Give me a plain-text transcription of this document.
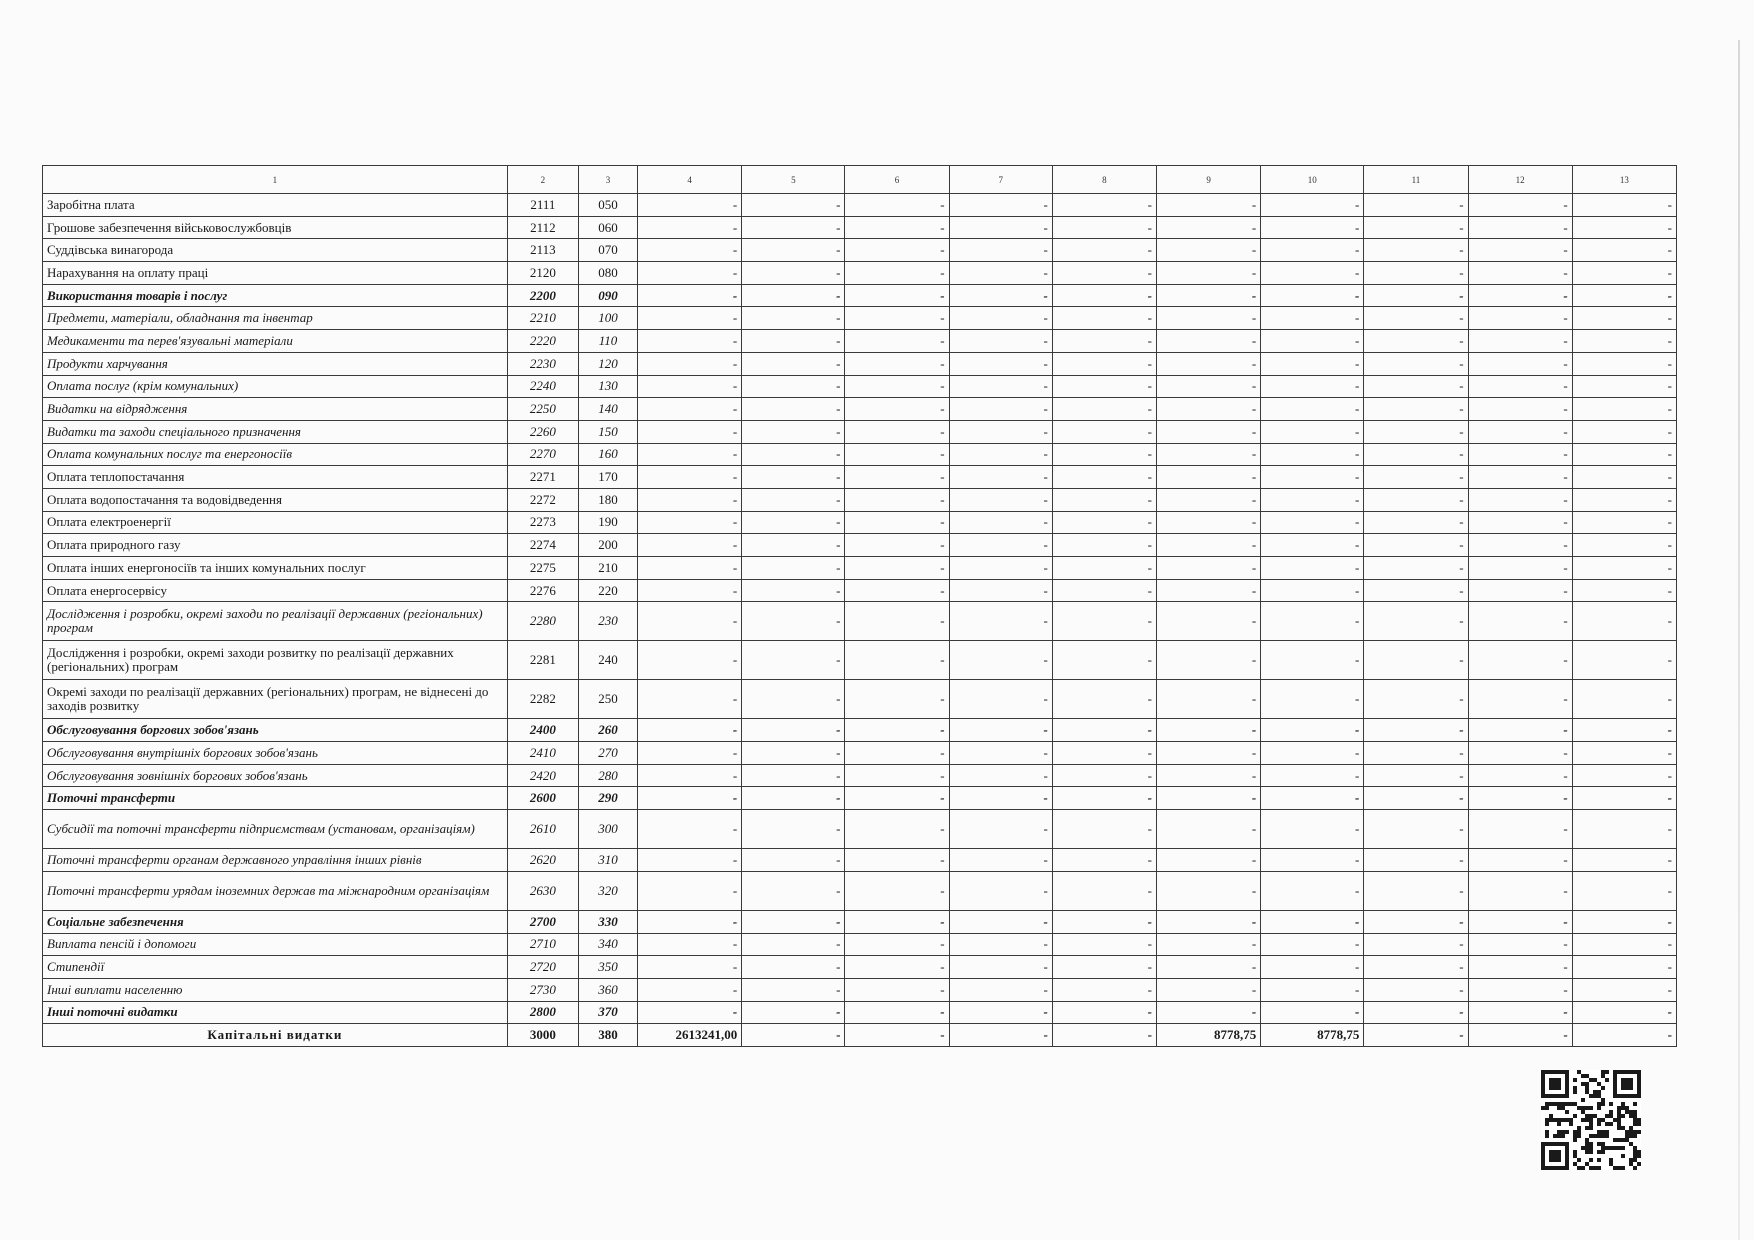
1	2	3	4	5	6	7	8	9	10	11	12	13
Заробітна плата	2111	050	-	-	-	-	-	-	-	-	-	-
Грошове забезпечення військовослужбовців	2112	060	-	-	-	-	-	-	-	-	-	-
Суддівська винагорода	2113	070	-	-	-	-	-	-	-	-	-	-
Нарахування на оплату праці	2120	080	-	-	-	-	-	-	-	-	-	-
Використання товарів і послуг	2200	090	-	-	-	-	-	-	-	-	-	-
Предмети, матеріали, обладнання та інвентар	2210	100	-	-	-	-	-	-	-	-	-	-
Медикаменти та перев'язувальні матеріали	2220	110	-	-	-	-	-	-	-	-	-	-
Продукти харчування	2230	120	-	-	-	-	-	-	-	-	-	-
Оплата послуг (крім комунальних)	2240	130	-	-	-	-	-	-	-	-	-	-
Видатки на відрядження	2250	140	-	-	-	-	-	-	-	-	-	-
Видатки та заходи спеціального призначення	2260	150	-	-	-	-	-	-	-	-	-	-
Оплата комунальних послуг та енергоносіїв	2270	160	-	-	-	-	-	-	-	-	-	-
Оплата теплопостачання	2271	170	-	-	-	-	-	-	-	-	-	-
Оплата водопостачання та водовідведення	2272	180	-	-	-	-	-	-	-	-	-	-
Оплата електроенергії	2273	190	-	-	-	-	-	-	-	-	-	-
Оплата природного газу	2274	200	-	-	-	-	-	-	-	-	-	-
Оплата інших енергоносіїв та інших комунальних послуг	2275	210	-	-	-	-	-	-	-	-	-	-
Оплата енергосервісу	2276	220	-	-	-	-	-	-	-	-	-	-
Дослідження і розробки, окремі заходи по реалізації державних (регіональних) програм	2280	230	-	-	-	-	-	-	-	-	-	-
Дослідження і розробки, окремі заходи розвитку по реалізації державних (регіональних) програм	2281	240	-	-	-	-	-	-	-	-	-	-
Окремі заходи по реалізації державних (регіональних) програм, не віднесені до заходів розвитку	2282	250	-	-	-	-	-	-	-	-	-	-
Обслуговування боргових зобов'язань	2400	260	-	-	-	-	-	-	-	-	-	-
Обслуговування внутрішніх боргових зобов'язань	2410	270	-	-	-	-	-	-	-	-	-	-
Обслуговування зовнішніх боргових зобов'язань	2420	280	-	-	-	-	-	-	-	-	-	-
Поточні трансферти	2600	290	-	-	-	-	-	-	-	-	-	-
Субсидії та поточні трансферти підприємствам (установам, організаціям)	2610	300	-	-	-	-	-	-	-	-	-	-
Поточні трансферти органам державного управління інших рівнів	2620	310	-	-	-	-	-	-	-	-	-	-
Поточні трансферти урядам іноземних держав та міжнародним організаціям	2630	320	-	-	-	-	-	-	-	-	-	-
Соціальне забезпечення	2700	330	-	-	-	-	-	-	-	-	-	-
Виплата пенсій і допомоги	2710	340	-	-	-	-	-	-	-	-	-	-
Стипендії	2720	350	-	-	-	-	-	-	-	-	-	-
Інші виплати населенню	2730	360	-	-	-	-	-	-	-	-	-	-
Інші поточні видатки	2800	370	-	-	-	-	-	-	-	-	-	-
Капітальні видатки	3000	380	2613241,00	-	-	-	-	8778,75	8778,75	-	-	-
